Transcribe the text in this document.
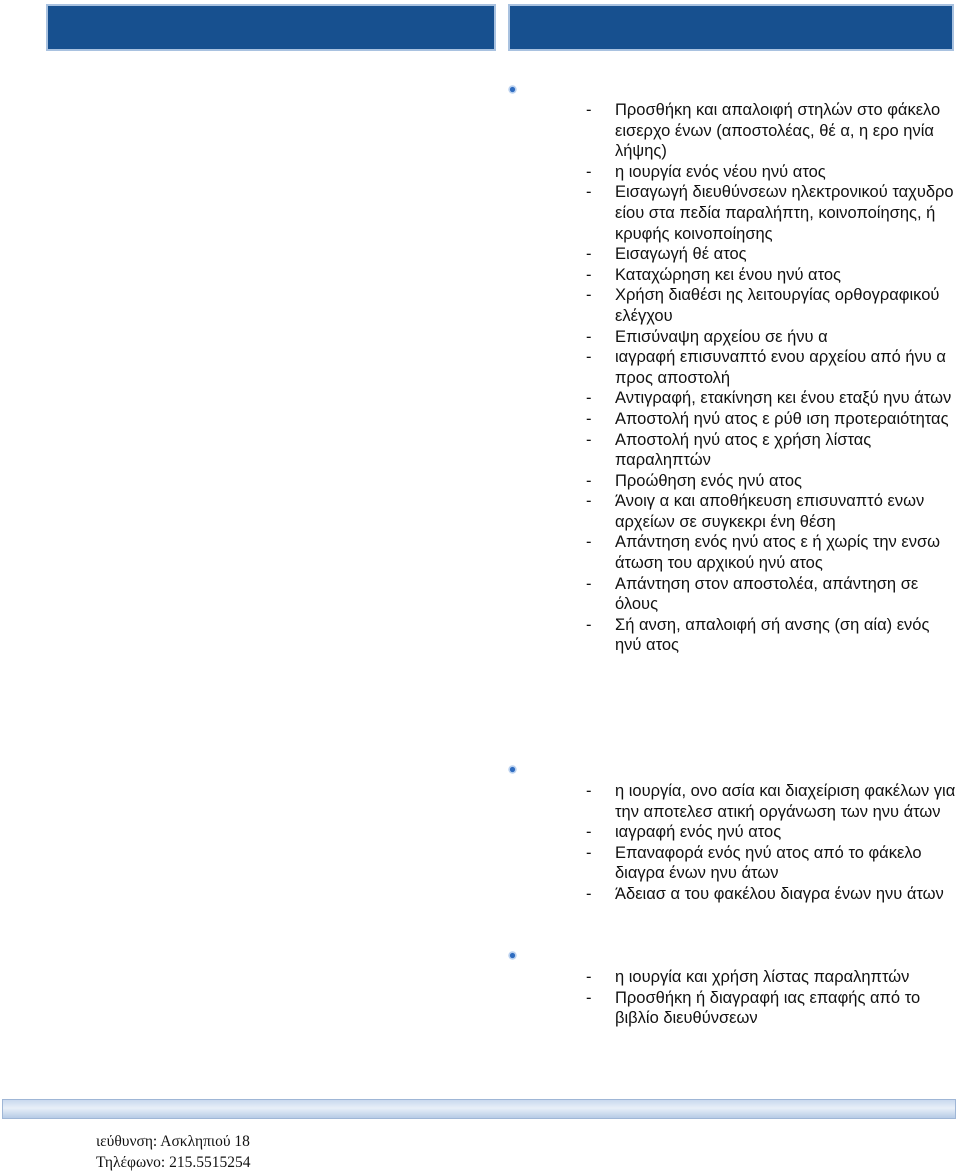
- Προσθήκη και απαλοιφή στηλών στο φάκελο εισερχο ένων (αποστολέας, θέ α, η ερο ηνία λήψης)
- η ιουργία ενός νέου ηνύ ατος
- Εισαγωγή διευθύνσεων ηλεκτρονικού ταχυδρο είου στα πεδία παραλήπτη, κοινοποίησης, ή κρυφής κοινοποίησης
- Εισαγωγή θέ ατος
- Καταχώρηση κει ένου ηνύ ατος
- Χρήση διαθέσι ης λειτουργίας ορθογραφικού ελέγχου
- Επισύναψη αρχείου σε ήνυ α
- ιαγραφή επισυναπτό ενου αρχείου από ήνυ α προς αποστολή
- Αντιγραφή, ετακίνηση κει ένου εταξύ ηνυ άτων
- Αποστολή ηνύ ατος ε ρύθ ιση προτεραιότητας
- Αποστολή ηνύ ατος ε χρήση λίστας παραληπτών
- Προώθηση ενός ηνύ ατος
- Άνοιγ α και αποθήκευση επισυναπτό ενων αρχείων σε συγκεκρι ένη θέση
- Απάντηση ενός ηνύ ατος ε ή χωρίς την ενσω άτωση του αρχικού ηνύ ατος
- Απάντηση στον αποστολέα, απάντηση σε όλους
- Σή ανση, απαλοιφή σή ανσης (ση αία) ενός ηνύ ατος
- η ιουργία, ονο ασία και διαχείριση φακέλων για την αποτελεσ ατική οργάνωση των ηνυ άτων
- ιαγραφή ενός ηνύ ατος
- Επαναφορά ενός ηνύ ατος από το φάκελο διαγρα ένων ηνυ άτων
- Άδειασ α του φακέλου διαγρα ένων ηνυ άτων
- η ιουργία και χρήση λίστας παραληπτών
- Προσθήκη ή διαγραφή ιας επαφής από το βιβλίο διευθύνσεων
ιεύθυνση: Ασκληπιού 18
Τηλέφωνο: 215.5515254
